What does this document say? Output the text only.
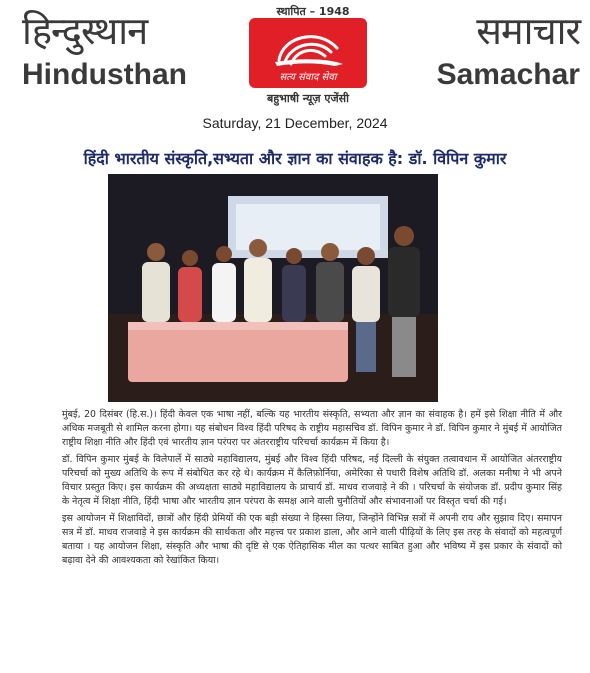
हिन्दुस्थान	स्थापित – 1948
सत्य संवाद सेवा
बहुभाषी न्यूज़ एजेंसी
समाचार
Hindusthan	Samachar
Saturday, 21 December, 2024
हिंदी भारतीय संस्कृति,सभ्यता और ज्ञान का संवाहक है: डॉ. विपिन कुमार

मुंबई, 20 दिसंबर (हि.स.)। हिंदी केवल एक भाषा नहीं, बल्कि यह भारतीय संस्कृति, सभ्यता और ज्ञान का संवाहक है। हमें इसे शिक्षा नीति में और अधिक मजबूती से शामिल करना होगा। यह संबोधन विश्व हिंदी परिषद के राष्ट्रीय महासचिव डॉ. विपिन कुमार ने डॉ. विपिन कुमार ने मुंबई में आयोजित राष्ट्रीय शिक्षा नीति और हिंदी एवं भारतीय ज्ञान परंपरा पर अंतरराष्ट्रीय परिचर्चा कार्यक्रम में किया है।

डॉ. विपिन कुमार मुंबई के विलेपार्ले में साठ्ये महाविद्यालय, मुंबई और विश्व हिंदी परिषद, नई दिल्ली के संयुक्त तत्वावधान में आयोजित अंतरराष्ट्रीय परिचर्चा को मुख्य अतिथि के रूप में संबोधित कर रहे थे। कार्यक्रम में कैलिफ़ोर्निया, अमेरिका से पधारी विशेष अतिथि डॉ. अलका मनीषा ने भी अपने विचार प्रस्तुत किए। इस कार्यक्रम की अध्यक्षता साठ्ये महाविद्यालय के प्राचार्य डॉ. माधव राजवाड़े ने की । परिचर्चा के संयोजक डॉ. प्रदीप कुमार सिंह के नेतृत्व में शिक्षा नीति, हिंदी भाषा और भारतीय ज्ञान परंपरा के समक्ष आने वाली चुनौतियों और संभावनाओं पर विस्तृत चर्चा की गई।

इस आयोजन में शिक्षाविदों, छात्रों और हिंदी प्रेमियों की एक बड़ी संख्या ने हिस्सा लिया, जिन्होंने विभिन्न सत्रों में अपनी राय और सुझाव दिए। समापन सत्र में डॉ. माधव राजवाड़े ने इस कार्यक्रम की सार्थकता और महत्त्व पर प्रकाश डाला, और आने वाली पीढ़ियों के लिए इस तरह के संवादों को महत्वपूर्ण बताया । यह आयोजन शिक्षा, संस्कृति और भाषा की दृष्टि से एक ऐतिहासिक मील का पत्थर साबित हुआ और भविष्य में इस प्रकार के संवादों को बढ़ावा देने की आवश्यकता को रेखांकित किया।
